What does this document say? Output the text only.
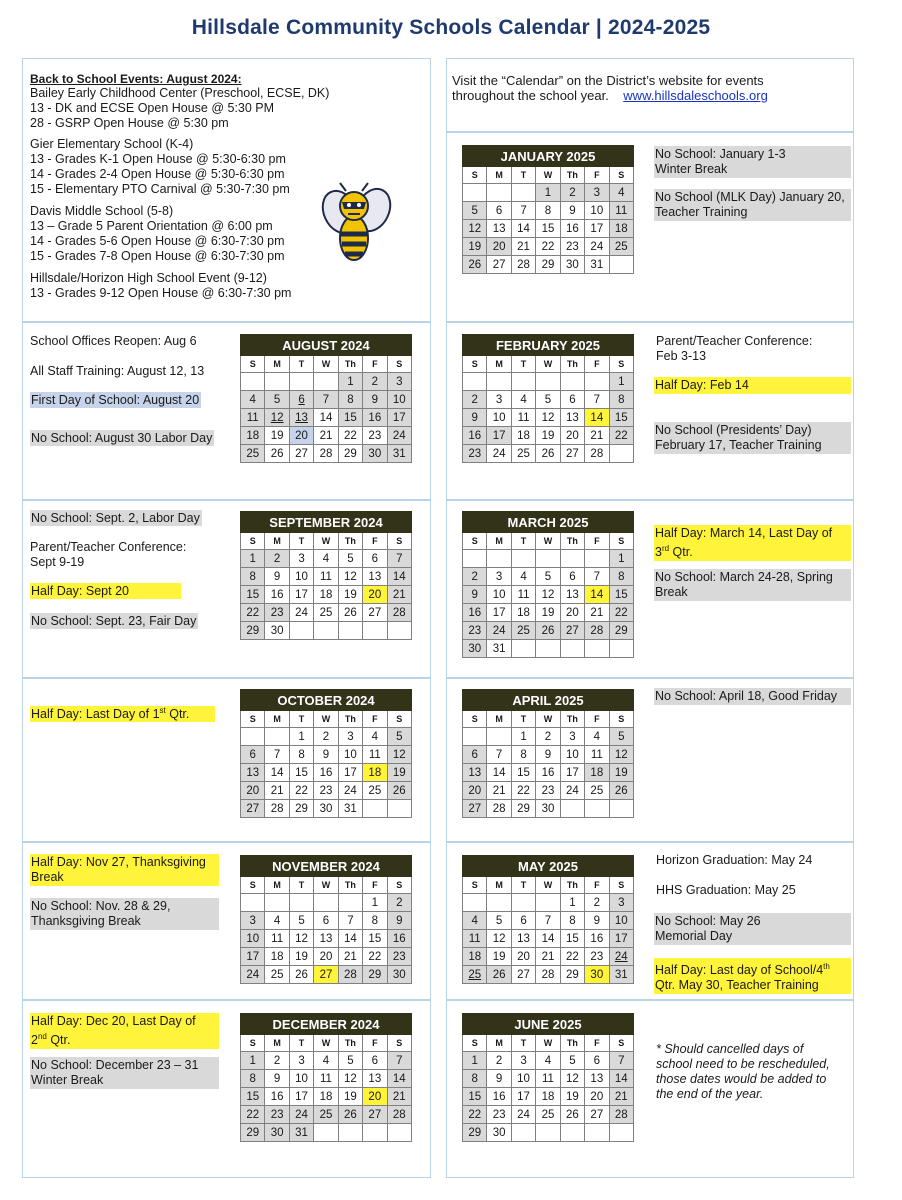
Hillsdale Community Schools Calendar | 2024-2025
Visit the “Calendar” on the District’s website for events
throughout the school year. www.hillsdaleschools.org
Back to School Events: August 2024:
Bailey Early Childhood Center (Preschool, ECSE, DK)
13 - DK and ECSE Open House @ 5:30 PM
28 - GSRP Open House @ 5:30 pm
Gier Elementary School (K-4)
13 - Grades K-1 Open House @ 5:30-6:30 pm
14 - Grades 2-4 Open House @ 5:30-6:30 pm
15 - Elementary PTO Carnival @ 5:30-7:30 pm
Davis Middle School (5-8)
13 – Grade 5 Parent Orientation @ 6:00 pm
14 - Grades 5-6 Open House @ 6:30-7:30 pm
15 - Grades 7-8 Open House @ 6:30-7:30 pm
Hillsdale/Horizon High School Event (9-12)
13 - Grades 9-12 Open House @ 6:30-7:30 pm
School Offices Reopen: Aug 6
All Staff Training: August 12, 13
First Day of School: August 20
No School: August 30 Labor Day
No School: Sept. 2, Labor Day
Parent/Teacher Conference:
Sept 9-19
Half Day: Sept 20
No School: Sept. 23, Fair Day
Half Day: Last Day of 1st Qtr.
Half Day: Nov 27, Thanksgiving
Break
No School: Nov. 28 & 29,
Thanksgiving Break
Half Day: Dec 20, Last Day of
2nd Qtr.
No School: December 23 – 31
Winter Break
No School: January 1-3
Winter Break
No School (MLK Day) January 20,
Teacher Training
Parent/Teacher Conference:
Feb 3-13
Half Day: Feb 14
No School (Presidents’ Day)
February 17, Teacher Training
Half Day: March 14, Last Day of
3rd Qtr.
No School: March 24-28, Spring
Break
No School: April 18, Good Friday
Horizon Graduation: May 24
HHS Graduation: May 25
No School: May 26
Memorial Day
Half Day: Last day of School/4th
Qtr. May 30, Teacher Training
* Should cancelled days of
school need to be rescheduled,
those dates would be added to
the end of the year.
JANUARY 2025						
S	M	T	W	Th	F	S
			1	2	3	4
5	6	7	8	9	10	11
12	13	14	15	16	17	18
19	20	21	22	23	24	25
26	27	28	29	30	31	
AUGUST 2024						
S	M	T	W	Th	F	S
				1	2	3
4	5	6	7	8	9	10
11	12	13	14	15	16	17
18	19	20	21	22	23	24
25	26	27	28	29	30	31
FEBRUARY 2025						
S	M	T	W	Th	F	S
						1
2	3	4	5	6	7	8
9	10	11	12	13	14	15
16	17	18	19	20	21	22
23	24	25	26	27	28	
SEPTEMBER 2024						
S	M	T	W	Th	F	S
1	2	3	4	5	6	7
8	9	10	11	12	13	14
15	16	17	18	19	20	21
22	23	24	25	26	27	28
29	30					
MARCH 2025						
S	M	T	W	Th	F	S
						1
2	3	4	5	6	7	8
9	10	11	12	13	14	15
16	17	18	19	20	21	22
23	24	25	26	27	28	29
30	31					
OCTOBER 2024						
S	M	T	W	Th	F	S
		1	2	3	4	5
6	7	8	9	10	11	12
13	14	15	16	17	18	19
20	21	22	23	24	25	26
27	28	29	30	31		
APRIL 2025						
S	M	T	W	Th	F	S
		1	2	3	4	5
6	7	8	9	10	11	12
13	14	15	16	17	18	19
20	21	22	23	24	25	26
27	28	29	30			
NOVEMBER 2024						
S	M	T	W	Th	F	S
					1	2
3	4	5	6	7	8	9
10	11	12	13	14	15	16
17	18	19	20	21	22	23
24	25	26	27	28	29	30
MAY 2025						
S	M	T	W	Th	F	S
				1	2	3
4	5	6	7	8	9	10
11	12	13	14	15	16	17
18	19	20	21	22	23	24
25	26	27	28	29	30	31
DECEMBER 2024						
S	M	T	W	Th	F	S
1	2	3	4	5	6	7
8	9	10	11	12	13	14
15	16	17	18	19	20	21
22	23	24	25	26	27	28
29	30	31				
JUNE 2025						
S	M	T	W	Th	F	S
1	2	3	4	5	6	7
8	9	10	11	12	13	14
15	16	17	18	19	20	21
22	23	24	25	26	27	28
29	30					
